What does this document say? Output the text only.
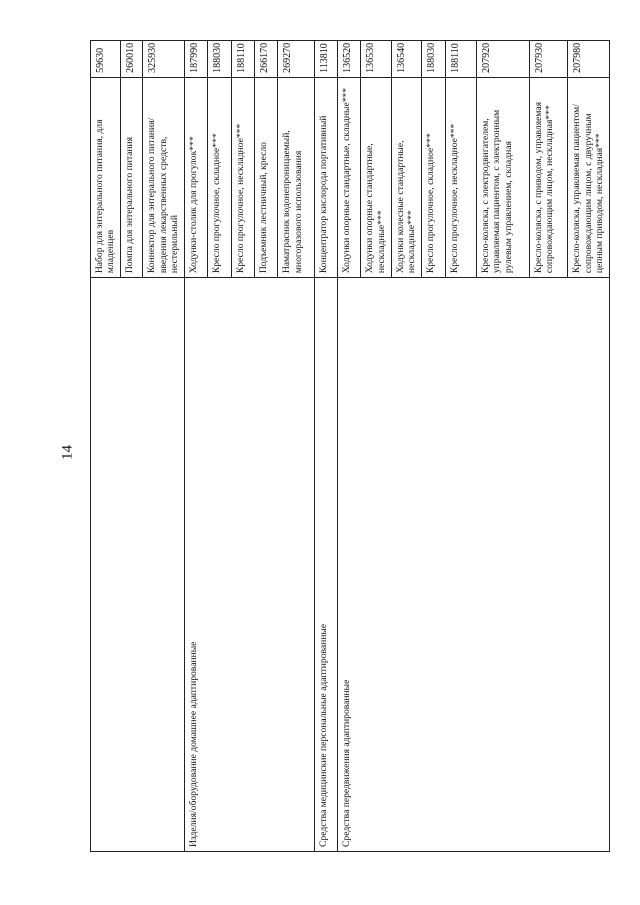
14
	Набор для энтерального питания, для младенцев	59630
	Помпа для энтерального питания	260010
	Коннектор для энтерального питания/введения лекарственных средств, нестерильный	325930
Изделия/оборудование домашнее адаптированные	Ходунки-столик для прогулок***	187990
	Кресло прогулочное, складное***	188030
	Кресло прогулочное, нескладное***	188110
	Подъемник лестничный, кресло	266170
	Наматрасник водонепроницаемый, многоразового использования	269270
Средства медицинские персональные адаптированные	Концентратор кислорода портативный	113810
Средства передвижения адаптированные	Ходунки опорные стандартные, складные***	136520
	Ходунки опорные стандартные, нескладные***	136530
	Ходунки колесные стандартные, нескладные***	136540
	Кресло прогулочное, складное***	188030
	Кресло прогулочное, нескладное***	188110
	Кресло-коляска, с электродвигателем, управляемая пациентом, с электронным рулевым управлением, складная	207920
	Кресло-коляска, с приводом, управляемая сопровождающим лицом, нескладная***	207930
	Кресло-коляска, управляемая пациентом/сопровождающим лицом, с двуручным цепным приводом, нескладная***	207980
